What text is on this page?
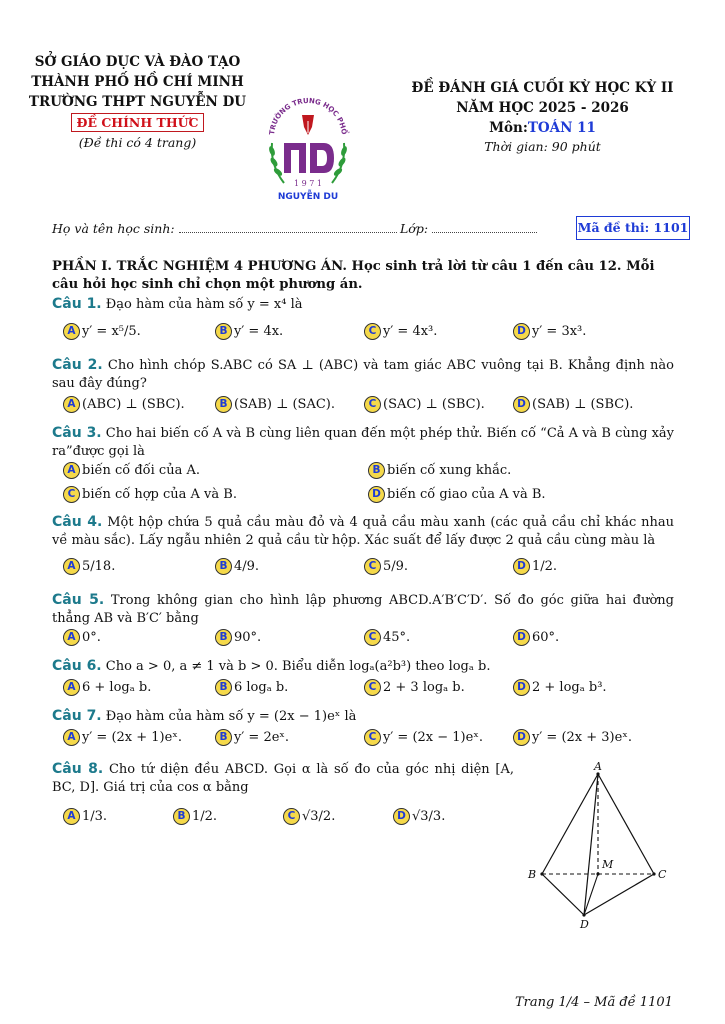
SỞ GIÁO DỤC VÀ ĐÀO TẠO
THÀNH PHỐ HỒ CHÍ MINH
TRƯỜNG THPT NGUYỄN DU
ĐỀ CHÍNH THỨC
(Đề thi có 4 trang)
TRƯỜNG TRUNG HỌC PHỔ
1 9 7 1
NGUYỄN DU
ĐỀ ĐÁNH GIÁ CUỐI KỲ HỌC KỲ II
NĂM HỌC 2025 - 2026
Môn:TOÁN 11
Thời gian: 90 phút
Họ và tên học sinh:	Lớp:	Mã đề thi: 1101
PHẦN I. TRẮC NGHIỆM 4 PHƯƠNG ÁN. Học sinh trả lời từ câu 1 đến câu 12. Mỗi câu hỏi học sinh chỉ chọn một phương án.
Câu 1. Đạo hàm của hàm số y = x⁴ là
A y′ = x⁵/5.	B y′ = 4x.	C y′ = 4x³.	D y′ = 3x³.
Câu 2. Cho hình chóp S.ABC có SA ⊥ (ABC) và tam giác ABC vuông tại B. Khẳng định nào sau đây đúng?
A (ABC) ⊥ (SBC).	B (SAB) ⊥ (SAC).	C (SAC) ⊥ (SBC).	D (SAB) ⊥ (SBC).
Câu 3. Cho hai biến cố A và B cùng liên quan đến một phép thử. Biến cố “Cả A và B cùng xảy ra”được gọi là
A biến cố đối của A.	B biến cố xung khắc.
C biến cố hợp của A và B.	D biến cố giao của A và B.
Câu 4. Một hộp chứa 5 quả cầu màu đỏ và 4 quả cầu màu xanh (các quả cầu chỉ khác nhau về màu sắc). Lấy ngẫu nhiên 2 quả cầu từ hộp. Xác suất để lấy được 2 quả cầu cùng màu là
A 5/18.	B 4/9.	C 5/9.	D 1/2.
Câu 5. Trong không gian cho hình lập phương ABCD.A′B′C′D′. Số đo góc giữa hai đường thẳng AB và B′C′ bằng
A 0°.	B 90°.	C 45°.	D 60°.
Câu 6. Cho a > 0, a ≠ 1 và b > 0. Biểu diễn logₐ(a²b³) theo logₐ b.
A 6 + logₐ b.	B 6 logₐ b.	C 2 + 3 logₐ b.	D 2 + logₐ b³.
Câu 7. Đạo hàm của hàm số y = (2x − 1)eˣ là
A y′ = (2x + 1)eˣ.	B y′ = 2eˣ.	C y′ = (2x − 1)eˣ.	D y′ = (2x + 3)eˣ.
Câu 8. Cho tứ diện đều ABCD. Gọi α là số đo của góc nhị diện [A, BC, D]. Giá trị của cos α bằng
A 1/3.	B 1/2.	C √3/2.	D √3/3.
A
B	C
D
M
Trang 1/4 – Mã đề 1101
